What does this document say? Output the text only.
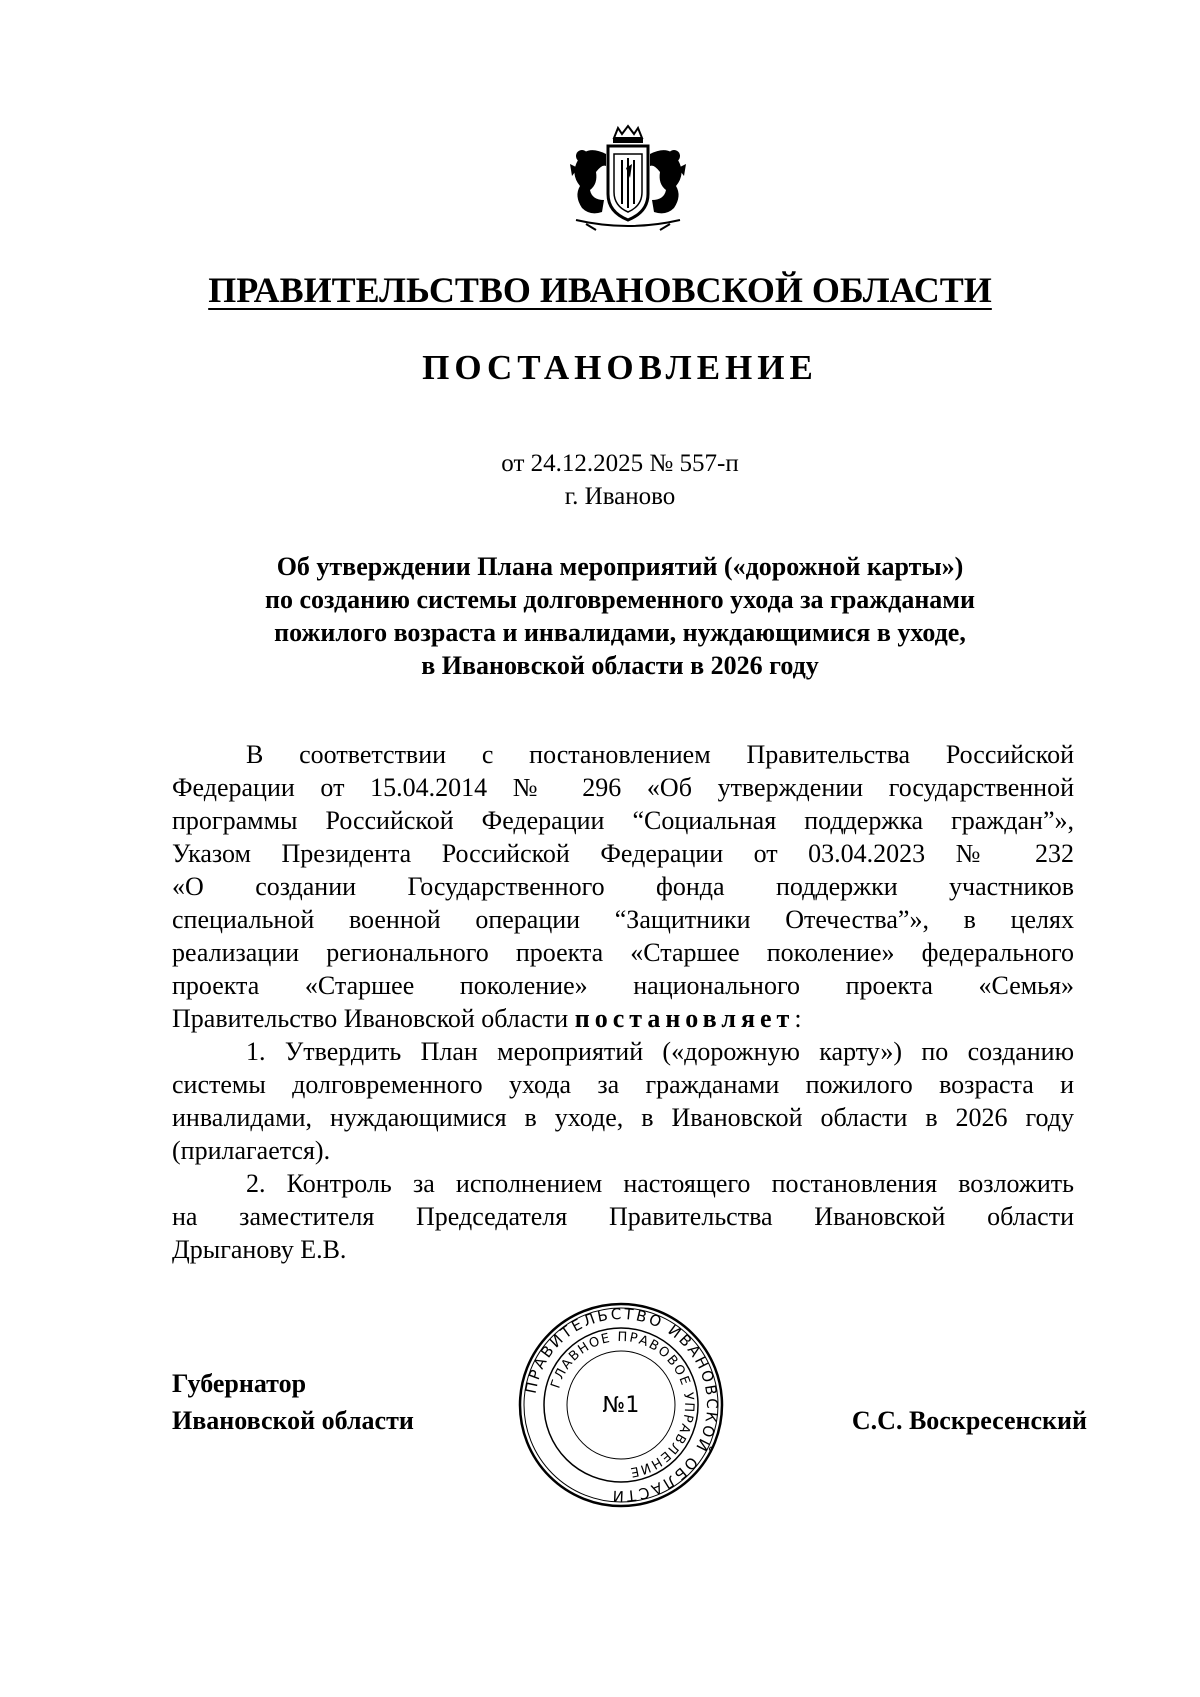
ПРАВИТЕЛЬСТВО ИВАНОВСКОЙ ОБЛАСТИ
ПОСТАНОВЛЕНИЕ
от 24.12.2025 № 557-п
г. Иваново
Об утверждении Плана мероприятий («дорожной карты»)
по созданию системы долговременного ухода за гражданами
пожилого возраста и инвалидами, нуждающимися в уходе,
в Ивановской области в 2026 году
В соответствии с постановлением Правительства Российской
Федерации от 15.04.2014 № 296 «Об утверждении государственной
программы Российской Федерации “Социальная поддержка граждан”»,
Указом Президента Российской Федерации от 03.04.2023 № 232
«О создании Государственного фонда поддержки участников
специальной военной операции “Защитники Отечества”», в целях
реализации регионального проекта «Старшее поколение» федерального
проекта «Старшее поколение» национального проекта «Семья»
Правительство Ивановской области постановляет:
1. Утвердить План мероприятий («дорожную карту») по созданию
системы долговременного ухода за гражданами пожилого возраста и
инвалидами, нуждающимися в уходе, в Ивановской области в 2026 году
(прилагается).
2. Контроль за исполнением настоящего постановления возложить
на заместителя Председателя Правительства Ивановской области
Дрыганову Е.В.
Губернатор
Ивановской области	С.С. Воскресенский
ПРАВИТЕЛЬСТВО ИВАНОВСКОЙ ОБЛАСТИ
ГЛАВНОЕ ПРАВОВОЕ УПРАВЛЕНИЕ
№1
